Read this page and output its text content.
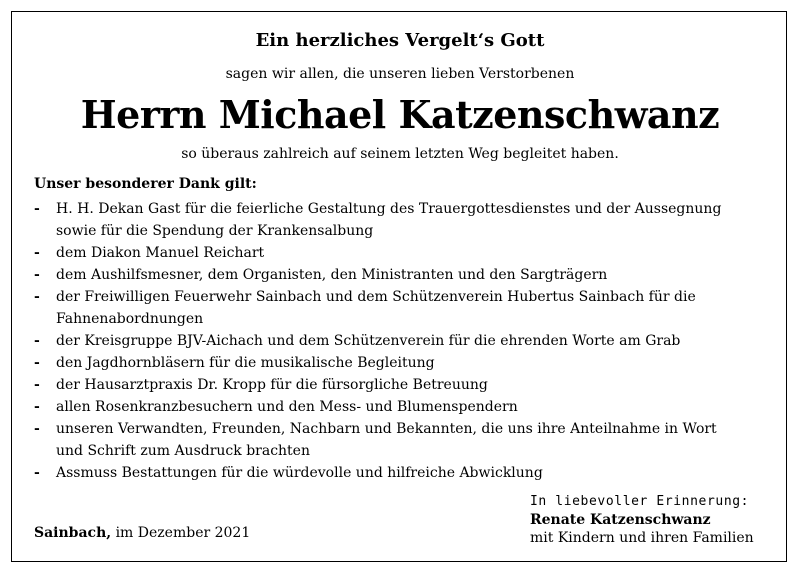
Ein herzliches Vergelt‘s Gott
sagen wir allen, die unseren lieben Verstorbenen
Herrn Michael Katzenschwanz
so überaus zahlreich auf seinem letzten Weg begleitet haben.
Unser besonderer Dank gilt:
- H. H. Dekan Gast für die feierliche Gestaltung des Trauergottesdienstes und der Aussegnung
sowie für die Spendung der Krankensalbung
- dem Diakon Manuel Reichart
- dem Aushilfsmesner, dem Organisten, den Ministranten und den Sargträgern
- der Freiwilligen Feuerwehr Sainbach und dem Schützenverein Hubertus Sainbach für die
Fahnenabordnungen
- der Kreisgruppe BJV-Aichach und dem Schützenverein für die ehrenden Worte am Grab
- den Jagdhornbläsern für die musikalische Begleitung
- der Hausarztpraxis Dr. Kropp für die fürsorgliche Betreuung
- allen Rosenkranzbesuchern und den Mess- und Blumenspendern
- unseren Verwandten, Freunden, Nachbarn und Bekannten, die uns ihre Anteilnahme in Wort
und Schrift zum Ausdruck brachten
- Assmuss Bestattungen für die würdevolle und hilfreiche Abwicklung
Sainbach, im Dezember 2021
In liebevoller Erinnerung:
Renate Katzenschwanz
mit Kindern und ihren Familien
